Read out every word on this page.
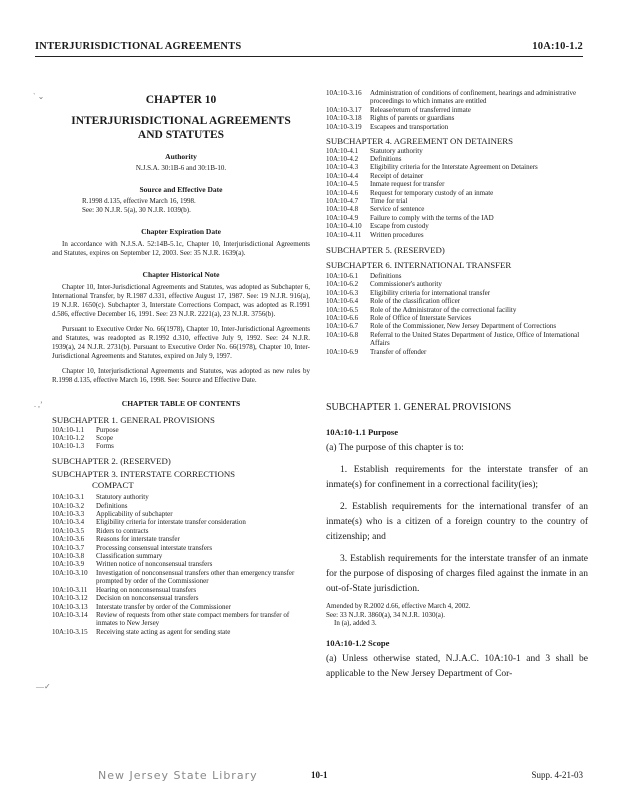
INTERJURISDICTIONAL AGREEMENTS	10A:10-1.2
` ⌄
. ,ʼ
—✓
CHAPTER 10
INTERJURISDICTIONAL AGREEMENTS
AND STATUTES
Authority
N.J.S.A. 30:1B-6 and 30:1B-10.
Source and Effective Date
R.1998 d.135, effective March 16, 1998.
See: 30 N.J.R. 5(a), 30 N.J.R. 1039(b).
Chapter Expiration Date
In accordance with N.J.S.A. 52:14B-5.1c, Chapter 10, Interjurisdictional Agreements and Statutes, expires on September 12, 2003. See: 35 N.J.R. 1639(a).
Chapter Historical Note
Chapter 10, Inter-Jurisdictional Agreements and Statutes, was adopted as Subchapter 6, International Transfer, by R.1987 d.331, effective August 17, 1987. See: 19 N.J.R. 916(a), 19 N.J.R. 1650(c). Subchapter 3, Interstate Corrections Compact, was adopted as R.1991 d.586, effective December 16, 1991. See: 23 N.J.R. 2221(a), 23 N.J.R. 3756(b).
Pursuant to Executive Order No. 66(1978), Chapter 10, Inter-Jurisdictional Agreements and Statutes, was readopted as R.1992 d.310, effective July 9, 1992. See: 24 N.J.R. 1939(a), 24 N.J.R. 2731(b). Pursuant to Executive Order No. 66(1978), Chapter 10, Inter-Jurisdictional Agreements and Statutes, expired on July 9, 1997.
Chapter 10, Interjurisdictional Agreements and Statutes, was adopted as new rules by R.1998 d.135, effective March 16, 1998. See: Source and Effective Date.
CHAPTER TABLE OF CONTENTS
SUBCHAPTER 1. GENERAL PROVISIONS
10A:10-1.1	Purpose
10A:10-1.2	Scope
10A:10-1.3	Forms
SUBCHAPTER 2. (RESERVED)
SUBCHAPTER 3. INTERSTATE CORRECTIONS
COMPACT
10A:10-3.1	Statutory authority
10A:10-3.2	Definitions
10A:10-3.3	Applicability of subchapter
10A:10-3.4	Eligibility criteria for interstate transfer consideration
10A:10-3.5	Riders to contracts
10A:10-3.6	Reasons for interstate transfer
10A:10-3.7	Processing consensual interstate transfers
10A:10-3.8	Classification summary
10A:10-3.9	Written notice of nonconsensual transfers
10A:10-3.10	Investigation of nonconsensual transfers other than emergency transfer prompted by order of the Commissioner
10A:10-3.11	Hearing on nonconsensual transfers
10A:10-3.12	Decision on nonconsensual transfers
10A:10-3.13	Interstate transfer by order of the Commissioner
10A:10-3.14	Review of requests from other state compact members for transfer of inmates to New Jersey
10A:10-3.15	Receiving state acting as agent for sending state
10A:10-3.16	Administration of conditions of confinement, hearings and administrative proceedings to which inmates are entitled
10A:10-3.17	Release/return of transferred inmate
10A:10-3.18	Rights of parents or guardians
10A:10-3.19	Escapees and transportation
SUBCHAPTER 4. AGREEMENT ON DETAINERS
10A:10-4.1	Statutory authority
10A:10-4.2	Definitions
10A:10-4.3	Eligibility criteria for the Interstate Agreement on Detainers
10A:10-4.4	Receipt of detainer
10A:10-4.5	Inmate request for transfer
10A:10-4.6	Request for temporary custody of an inmate
10A:10-4.7	Time for trial
10A:10-4.8	Service of sentence
10A:10-4.9	Failure to comply with the terms of the IAD
10A:10-4.10	Escape from custody
10A:10-4.11	Written procedures
SUBCHAPTER 5. (RESERVED)
SUBCHAPTER 6. INTERNATIONAL TRANSFER
10A:10-6.1	Definitions
10A:10-6.2	Commissioner's authority
10A:10-6.3	Eligibility criteria for international transfer
10A:10-6.4	Role of the classification officer
10A:10-6.5	Role of the Administrator of the correctional facility
10A:10-6.6	Role of Office of Interstate Services
10A:10-6.7	Role of the Commissioner, New Jersey Department of Corrections
10A:10-6.8	Referral to the United States Department of Justice, Office of International Affairs
10A:10-6.9	Transfer of offender
SUBCHAPTER 1. GENERAL PROVISIONS
10A:10-1.1 Purpose
(a) The purpose of this chapter is to:
1. Establish requirements for the interstate transfer of an inmate(s) for confinement in a correctional facility(ies);
2. Establish requirements for the international transfer of an inmate(s) who is a citizen of a foreign country to the country of citizenship; and
3. Establish requirements for the interstate transfer of an inmate for the purpose of disposing of charges filed against the inmate in an out-of-State jurisdiction.
Amended by R.2002 d.66, effective March 4, 2002.
See: 33 N.J.R. 3860(a), 34 N.J.R. 1030(a).
In (a), added 3.
10A:10-1.2 Scope
(a) Unless otherwise stated, N.J.A.C. 10A:10-1 and 3 shall be applicable to the New Jersey Department of Cor-
New Jersey State Library	10-1	Supp. 4-21-03
